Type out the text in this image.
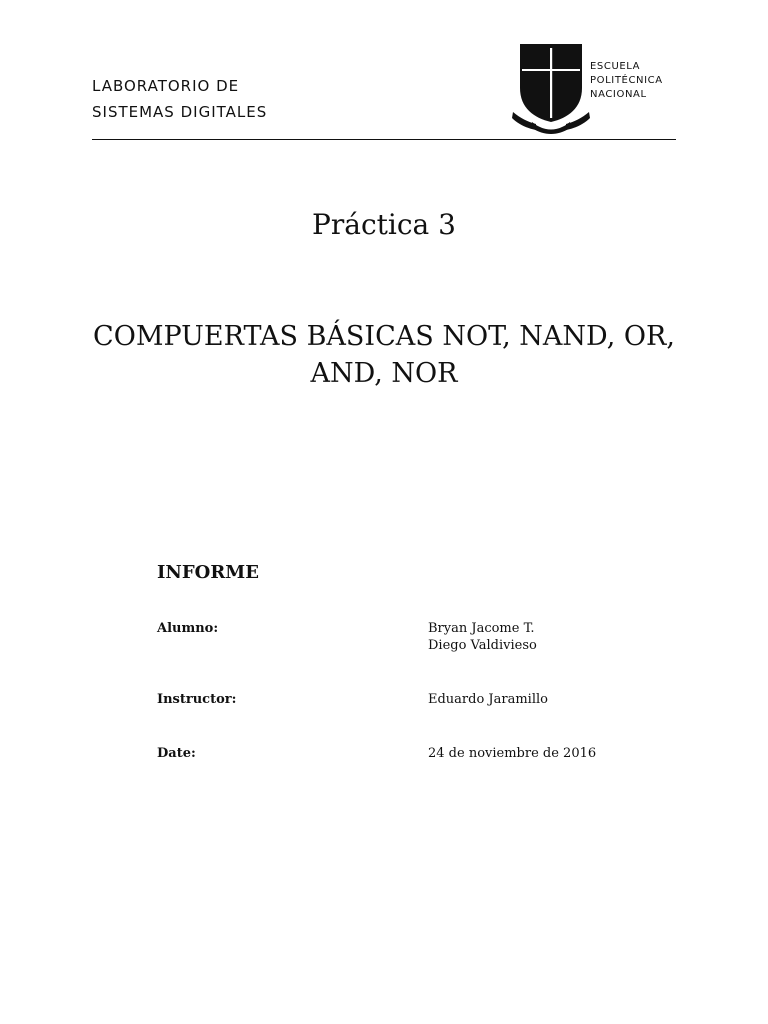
LABORATORIO DE
SISTEMAS DIGITALES
ESCUELA
POLITÉCNICA
NACIONAL
Práctica 3
COMPUERTAS BÁSICAS NOT, NAND, OR, AND, NOR
INFORME
Alumno:	Bryan Jacome T.
Diego Valdivieso
Instructor:	Eduardo Jaramillo
Date:	24 de noviembre de 2016
